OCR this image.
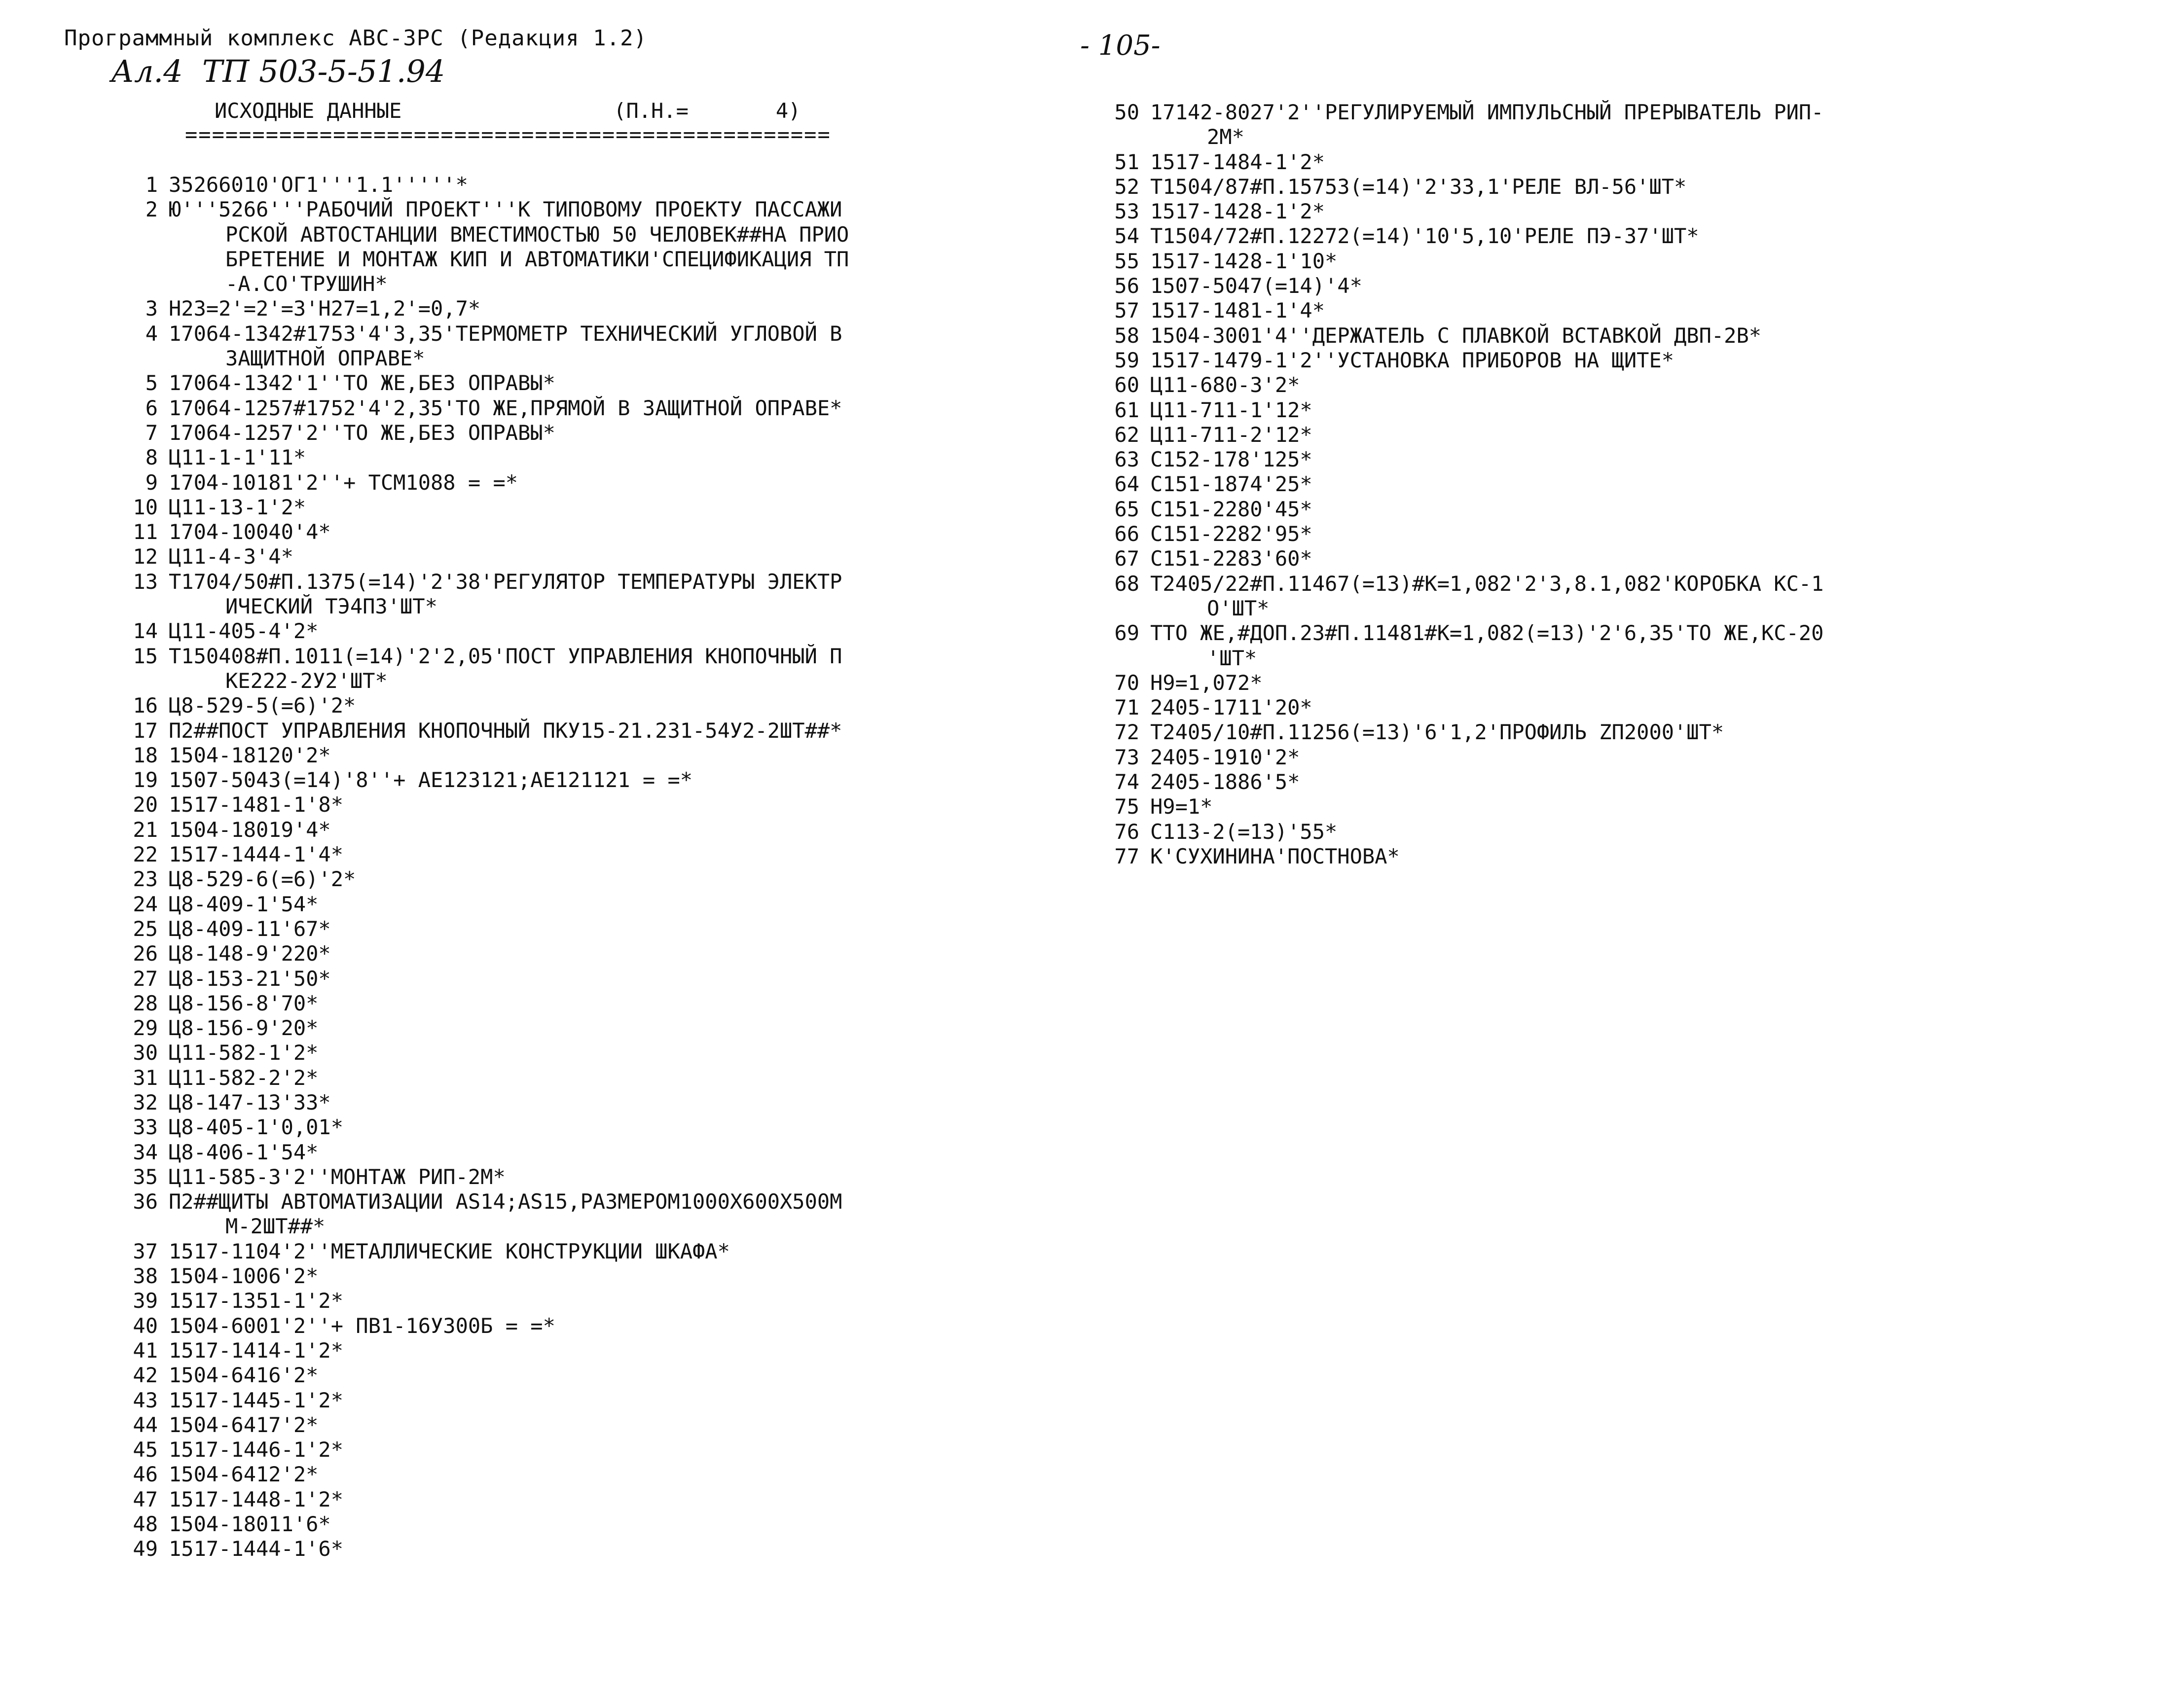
Программный комплекс АВС-3РС (Редакция 1.2)
Ал.4  ТП 503-5-51.94
- 105-
ИСХОДНЫЕ ДАННЫЕ                 (П.Н.=       4)
================================================
1 35266010'ОГ1'''1.1'''''*
2 Ю'''5266'''РАБОЧИЙ ПРОЕКТ'''К ТИПОВОМУ ПРОЕКТУ ПАССАЖИ
РСКОЙ АВТОСТАНЦИИ ВМЕСТИМОСТЬЮ 50 ЧЕЛОВЕК##НА ПРИО
БРЕТЕНИЕ И МОНТАЖ КИП И АВТОМАТИКИ'СПЕЦИФИКАЦИЯ ТП
-А.СО'ТРУШИН*
3 Н23=2'=2'=3'Н27=1,2'=0,7*
4 17064-1342#1753'4'3,35'ТЕРМОМЕТР ТЕХНИЧЕСКИЙ УГЛОВОЙ В
ЗАЩИТНОЙ ОПРАВЕ*
5 17064-1342'1''ТО ЖЕ,БЕЗ ОПРАВЫ*
6 17064-1257#1752'4'2,35'ТО ЖЕ,ПРЯМОЙ В ЗАЩИТНОЙ ОПРАВЕ*
7 17064-1257'2''ТО ЖЕ,БЕЗ ОПРАВЫ*
8 Ц11-1-1'11*
9 1704-10181'2''+ ТСМ1088 = =*
10 Ц11-13-1'2*
11 1704-10040'4*
12 Ц11-4-3'4*
13 Т1704/50#П.1375(=14)'2'38'РЕГУЛЯТОР ТЕМПЕРАТУРЫ ЭЛЕКТР
ИЧЕСКИЙ ТЭ4ПЗ'ШТ*
14 Ц11-405-4'2*
15 Т150408#П.1011(=14)'2'2,05'ПОСТ УПРАВЛЕНИЯ КНОПОЧНЫЙ П
КЕ222-2У2'ШТ*
16 Ц8-529-5(=6)'2*
17 П2##ПОСТ УПРАВЛЕНИЯ КНОПОЧНЫЙ ПКУ15-21.231-54У2-2ШТ##*
18 1504-18120'2*
19 1507-5043(=14)'8''+ АЕ123121;АЕ121121 = =*
20 1517-1481-1'8*
21 1504-18019'4*
22 1517-1444-1'4*
23 Ц8-529-6(=6)'2*
24 Ц8-409-1'54*
25 Ц8-409-11'67*
26 Ц8-148-9'220*
27 Ц8-153-21'50*
28 Ц8-156-8'70*
29 Ц8-156-9'20*
30 Ц11-582-1'2*
31 Ц11-582-2'2*
32 Ц8-147-13'33*
33 Ц8-405-1'0,01*
34 Ц8-406-1'54*
35 Ц11-585-3'2''МОНТАЖ РИП-2М*
36 П2##ЩИТЫ АВТОМАТИЗАЦИИ AS14;AS15,РАЗМЕРОМ1000Х600Х500М
М-2ШТ##*
37 1517-1104'2''МЕТАЛЛИЧЕСКИЕ КОНСТРУКЦИИ ШКАФА*
38 1504-1006'2*
39 1517-1351-1'2*
40 1504-6001'2''+ ПВ1-16У300Б = =*
41 1517-1414-1'2*
42 1504-6416'2*
43 1517-1445-1'2*
44 1504-6417'2*
45 1517-1446-1'2*
46 1504-6412'2*
47 1517-1448-1'2*
48 1504-18011'6*
49 1517-1444-1'6*
50 17142-8027'2''РЕГУЛИРУЕМЫЙ ИМПУЛЬСНЫЙ ПРЕРЫВАТЕЛЬ РИП-
2М*
51 1517-1484-1'2*
52 Т1504/87#П.15753(=14)'2'33,1'РЕЛЕ ВЛ-56'ШТ*
53 1517-1428-1'2*
54 Т1504/72#П.12272(=14)'10'5,10'РЕЛЕ ПЭ-37'ШТ*
55 1517-1428-1'10*
56 1507-5047(=14)'4*
57 1517-1481-1'4*
58 1504-3001'4''ДЕРЖАТЕЛЬ С ПЛАВКОЙ ВСТАВКОЙ ДВП-2В*
59 1517-1479-1'2''УСТАНОВКА ПРИБОРОВ НА ЩИТЕ*
60 Ц11-680-3'2*
61 Ц11-711-1'12*
62 Ц11-711-2'12*
63 С152-178'125*
64 С151-1874'25*
65 С151-2280'45*
66 С151-2282'95*
67 С151-2283'60*
68 Т2405/22#П.11467(=13)#К=1,082'2'3,8.1,082'КОРОБКА КС-1
О'ШТ*
69 ТТО ЖЕ,#ДОП.23#П.11481#К=1,082(=13)'2'6,35'ТО ЖЕ,КС-20
'ШТ*
70 Н9=1,072*
71 2405-1711'20*
72 Т2405/10#П.11256(=13)'6'1,2'ПРОФИЛЬ ZП2000'ШТ*
73 2405-1910'2*
74 2405-1886'5*
75 Н9=1*
76 С113-2(=13)'55*
77 К'СУХИНИНА'ПОСТНОВА*
